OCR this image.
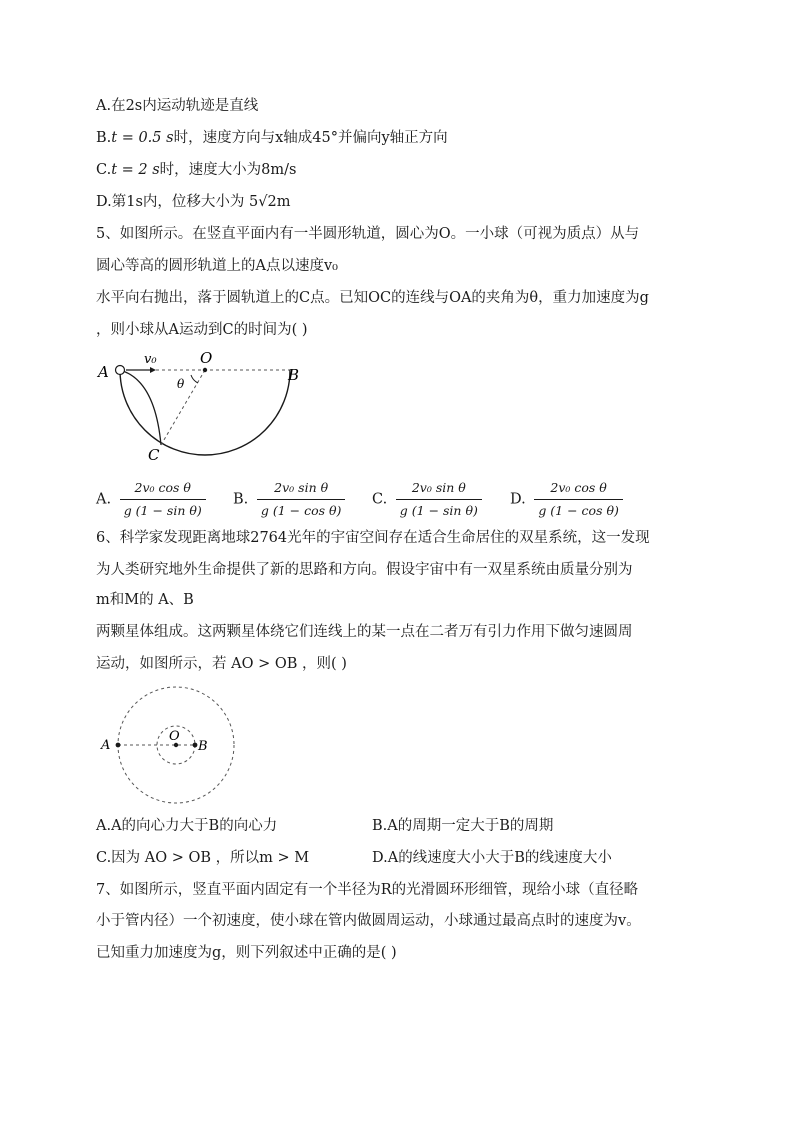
A.在2s内运动轨迹是直线
B.t = 0.5 s时，速度方向与x轴成45°并偏向y轴正方向
C.t = 2 s时，速度大小为8m/s
D.第1s内，位移大小为 5√2m
5、如图所示。在竖直平面内有一半圆形轨道，圆心为O。一小球（可视为质点）从与
圆心等高的圆形轨道上的A点以速度v₀
水平向右抛出，落于圆轨道上的C点。已知OC的连线与OA的夹角为θ，重力加速度为g
，则小球从A运动到C的时间为( )
A	B
O
C
v₀
θ
A. $\frac{\text{2v₀ cos θ}}{\text{g (1 − sin θ)}} B$. $\frac{\text{2v₀ sin θ}}{\text{g (1 − cos θ)}} C$. $\frac{\text{2v₀ sin θ}}{\text{g (1 − sin θ)}} D$. $\frac{\text{2v₀ cos θ}}{\text{g (1 − cos θ)}}$
6、科学家发现距离地球2764光年的宇宙空间存在适合生命居住的双星系统，这一发现
为人类研究地外生命提供了新的思路和方向。假设宇宙中有一双星系统由质量分别为
m和M的 A、B
两颗星体组成。这两颗星体绕它们连线上的某一点在二者万有引力作用下做匀速圆周
运动，如图所示，若 AO > OB ，则( )
A
O
B
A.A的向心力大于B的向心力	B.A的周期一定大于B的周期
C.因为 AO > OB ，所以m > M	D.A的线速度大小大于B的线速度大小
7、如图所示，竖直平面内固定有一个半径为R的光滑圆环形细管，现给小球（直径略
小于管内径）一个初速度，使小球在管内做圆周运动，小球通过最高点时的速度为v。
已知重力加速度为g，则下列叙述中正确的是( )
